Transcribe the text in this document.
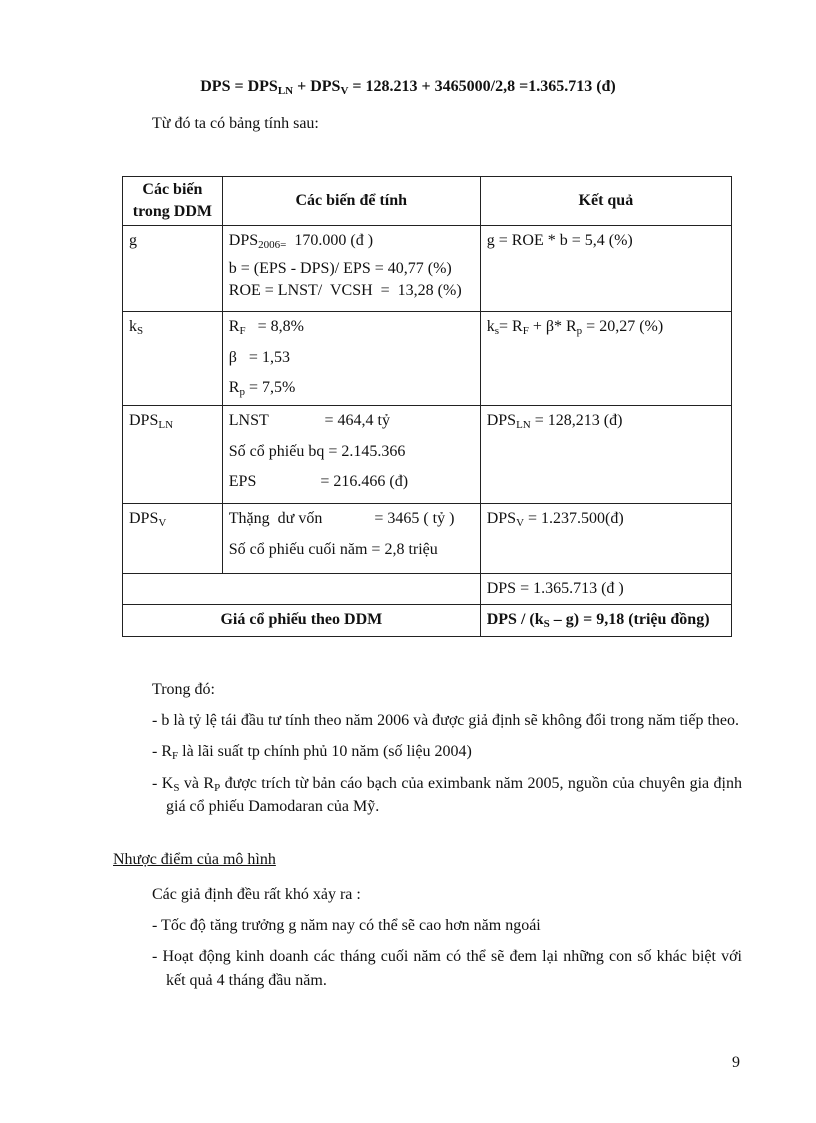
DPS = $DPS_{LN} + DPS_V = 128.213 + 3465000/2,8 =1.365.713$ (đ)
Từ đó ta có bảng tính sau:
Các biến
trong DDM	Các biến để tính	Kết quả
g	$DPS_{2006=}$  170.000 (đ )
b = (EPS - DPS)/ EPS = 40,77 (%)
ROE = LNST/  VCSH  =  13,28 (%)	g = ROE * b = 5,4 (%)
$k_S$	$R_F = 8,8\%$
β   = 1,53
$R_p = 7,5\%$	$k_s= R_F + \beta*$ $R_p = 20,27$ (%)
$DPS_{LN}$	LNST              = 464,4 tỷ
Số cổ phiếu bq = 2.145.366
EPS                = 216.466 (đ)	$DPS_{LN} = 128,213$ (đ)
$DPS_V$	Thặng  dư vốn             = 3465 ( tỷ )
Số cổ phiếu cuối năm = 2,8 triệu	$DPS_V$ = 1.237.500(đ)
		DPS = 1.365.713 (đ )
Giá cổ phiếu theo DDM		DPS / $(k_S - g) = 9,18$ (triệu đồng)

Trong đó:

- b là tỷ lệ tái đầu tư tính theo năm 2006 và được giả định sẽ không đổi trong năm tiếp theo.

- $R_F$ là lãi suất tp chính phủ 10 năm (số liệu 2004)

- $K_S$ và $R_P$ được trích từ bản cáo bạch của eximbank năm 2005, nguồn của chuyên gia định giá cổ phiếu Damodaran của Mỹ.

Nhược điểm của mô hình

Các giả định đều rất khó xảy ra :

- Tốc độ tăng trưởng g năm nay có thể sẽ cao hơn năm ngoái

- Hoạt động kinh doanh các tháng cuối năm có thể sẽ đem lại những con số khác biệt với kết quả 4 tháng đầu năm.

9
